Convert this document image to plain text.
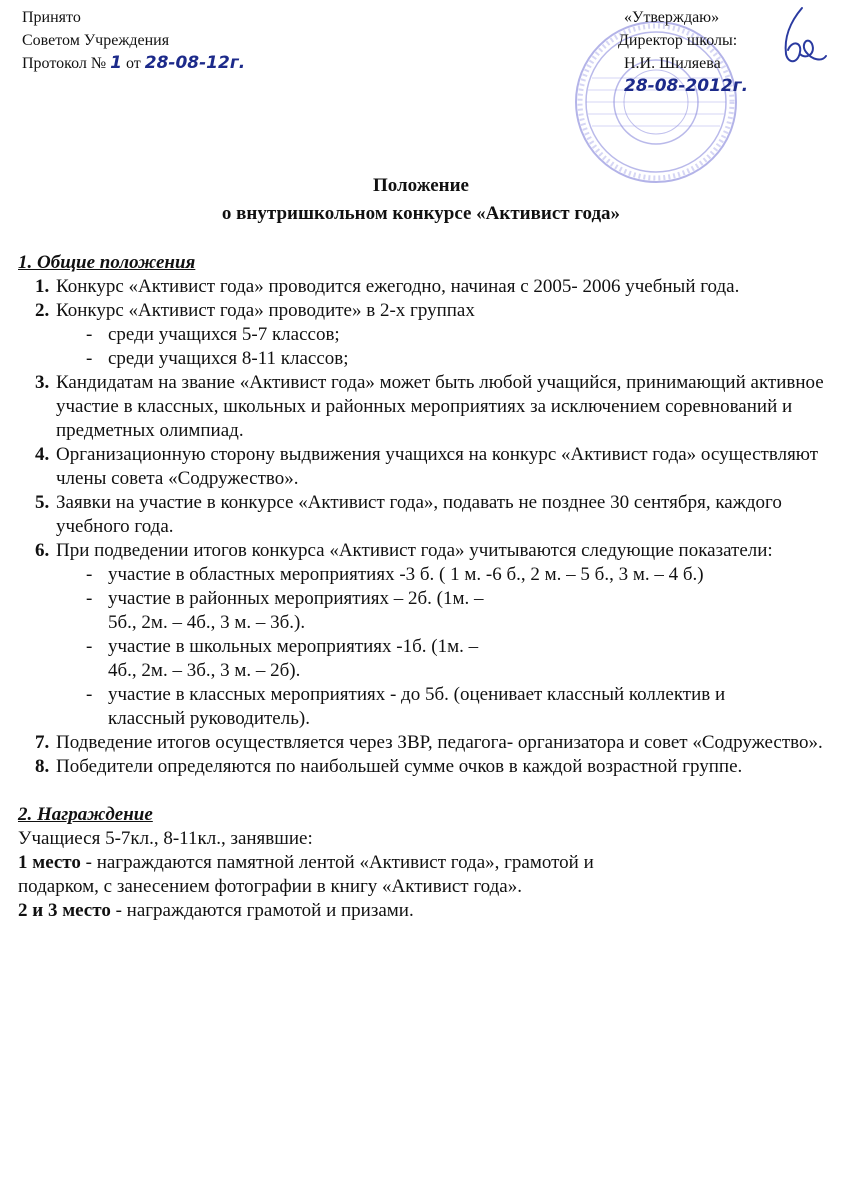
Принято
Советом Учреждения
Протокол № 1 от 28-08-12г.
«Утверждаю»
Директор школы:
Н.И. Шиляева
28-08-2012г.
Положение
о внутришкольном конкурсе «Активист года»

1. Общие положения

1. Конкурс «Активист года» проводится ежегодно, начиная с 2005- 2006 учебный года.
2. Конкурс «Активист года» проводите» в 2-х группах
- среди учащихся 5-7 классов;
- среди учащихся 8-11 классов;
3. Кандидатам на звание «Активист года» может быть любой учащийся, принимающий активное участие в классных, школьных и районных мероприятиях за исключением соревнований и предметных олимпиад.
4. Организационную сторону выдвижения учащихся на конкурс «Активист года» осуществляют члены совета «Содружество».
5. Заявки на участие в конкурсе «Активист года», подавать не позднее 30 сентября, каждого учебного года.
6. При подведении итогов конкурса «Активист года» учитываются следующие показатели:
- участие в областных мероприятиях -3 б. ( 1 м. -6 б., 2 м. – 5 б., 3 м. – 4 б.)
- участие в районных мероприятиях – 2б. (1м. – 5б., 2м. – 4б., 3 м. – 3б.).
- участие в школьных мероприятиях -1б. (1м. – 4б., 2м. – 3б., 3 м. – 2б).
- участие в классных мероприятиях - до 5б. (оценивает классный коллектив и классный руководитель).
7. Подведение итогов осуществляется через ЗВР, педагога- организатора и совет «Содружество».
8. Победители определяются по наибольшей сумме очков в каждой возрастной группе.

2. Награждение

Учащиеся 5-7кл., 8-11кл., занявшие:
1 место - награждаются памятной лентой «Активист года», грамотой и подарком, с занесением фотографии в книгу «Активист года».
2 и 3 место - награждаются грамотой и призами.
